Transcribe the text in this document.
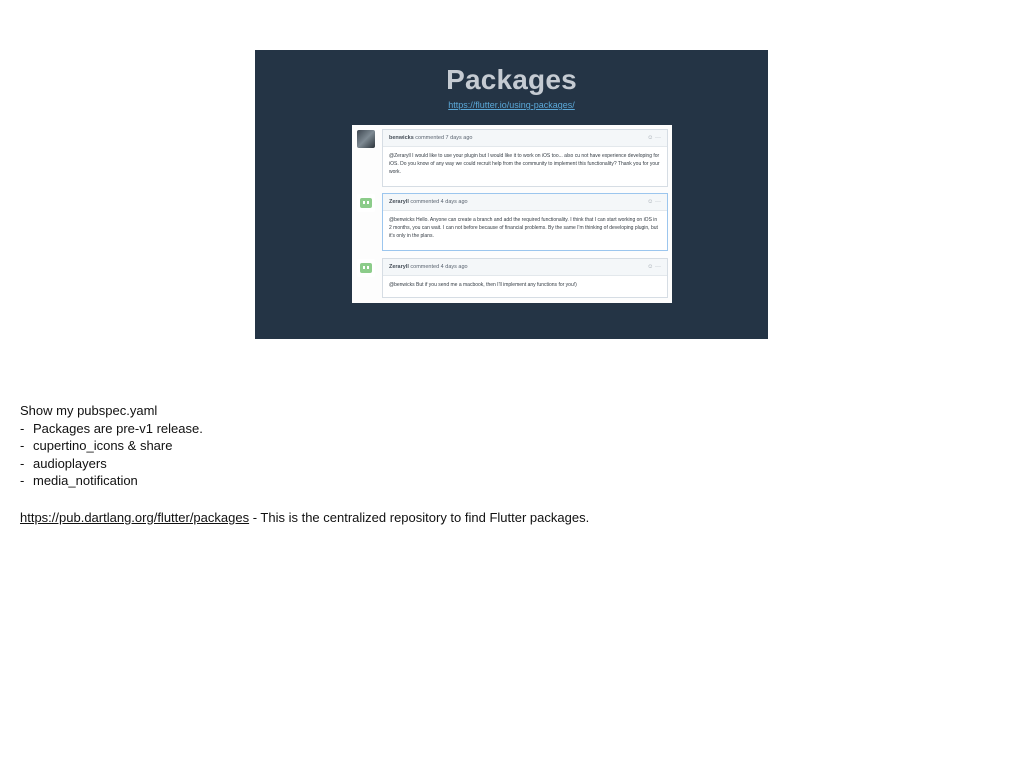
Packages
https://flutter.io/using-packages/
benwicks commented 7 days ago	☺ ···
@Zeraryll I would like to use your plugin but I would like it to work on iOS too... also cu not have experience developing for iOS. Do you know of any way we could recruit help from the community to implement this functionality? Thank you for your work.
Zeraryll commented 4 days ago	☺ ···
@benwicks Hello. Anyone can create a branch and add the required functionality. I think that I can start working on iOS in 2 months, you can wait. I can not before because of financial problems. By the same I'm thinking of developing plugin, but it's only in the plans.
Zeraryll commented 4 days ago	☺ ···
@benwicks But if you send me a macbook, then I'll implement any functions for you!)
Show my pubspec.yaml
- Packages are pre-v1 release.
- cupertino_icons & share
- audioplayers
- media_notification
https://pub.dartlang.org/flutter/packages - This is the centralized repository to find Flutter packages.
